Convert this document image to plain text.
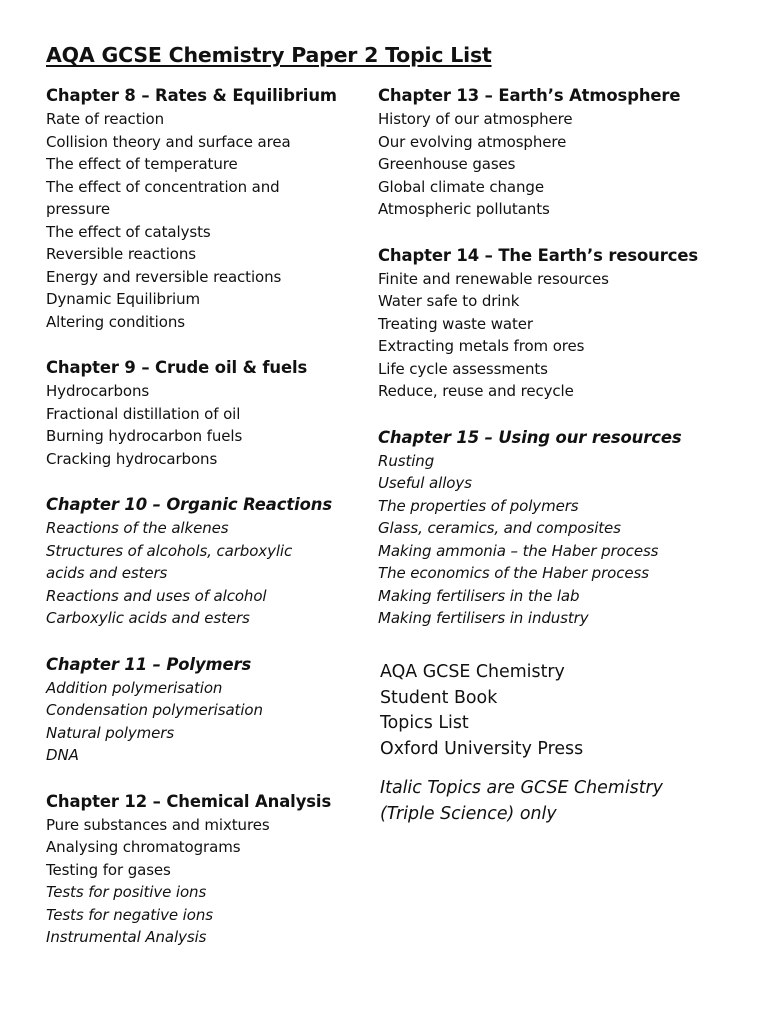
AQA GCSE Chemistry Paper 2 Topic List
Chapter 8 – Rates & Equilibrium
Rate of reaction
Collision theory and surface area
The effect of temperature
The effect of concentration and pressure
The effect of catalysts
Reversible reactions
Energy and reversible reactions
Dynamic Equilibrium
Altering conditions
Chapter 9 – Crude oil & fuels
Hydrocarbons
Fractional distillation of oil
Burning hydrocarbon fuels
Cracking hydrocarbons
Chapter 10 – Organic Reactions
Reactions of the alkenes
Structures of alcohols, carboxylic acids and esters
Reactions and uses of alcohol
Carboxylic acids and esters
Chapter 11 – Polymers
Addition polymerisation
Condensation polymerisation
Natural polymers
DNA
Chapter 12 – Chemical Analysis
Pure substances and mixtures
Analysing chromatograms
Testing for gases
Tests for positive ions
Tests for negative ions
Instrumental Analysis
Chapter 13 – Earth’s Atmosphere
History of our atmosphere
Our evolving atmosphere
Greenhouse gases
Global climate change
Atmospheric pollutants
Chapter 14 – The Earth’s resources
Finite and renewable resources
Water safe to drink
Treating waste water
Extracting metals from ores
Life cycle assessments
Reduce, reuse and recycle
Chapter 15 – Using our resources
Rusting
Useful alloys
The properties of polymers
Glass, ceramics, and composites
Making ammonia – the Haber process
The economics of the Haber process
Making fertilisers in the lab
Making fertilisers in industry

AQA GCSE Chemistry

Student Book

Topics List

Oxford University Press

Italic Topics are GCSE Chemistry (Triple Science) only
